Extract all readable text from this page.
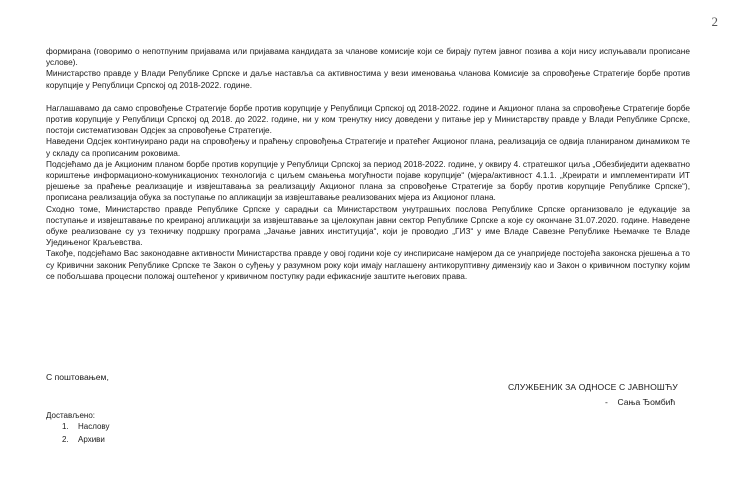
2

формирана (говоримо о непотпуним пријавама или пријавама кандидата за чланове комисије који се бирају путем јавног позива а који нису испуњавали прописане услове).

Министарство правде у Влади Републике Српске и даље наставља са активностима у вези именовања чланова Комисије за спровођење Стратегије борбе против корупције у Републици Српској од 2018-2022. године.

Наглашавамо да само спровођење Стратегије борбе против корупције у Републици Српској од 2018-2022. године и Акционог плана за спровођење Стратегије борбе против корупције у Републици Српској од 2018. до 2022. године, ни у ком тренутку нису доведени у питање јер у Министарству правде у Влади Републике Српске, постоји систематизован Одсјек за спровођење Стратегије.

Наведени Одсјек континуирано ради на спровођењу и праћењу спровођења Стратегије и пратећег Акционог плана, реализација се одвија планираном динамиком те у складу са прописаним роковима.

Подсјећамо да је Акционим планом борбе против корупције у Републици Српској за период 2018-2022. године, у оквиру 4. стратешког циља „Обезбиједити адекватно кориштење информационо-комуникационих технологија с циљем смањења могућности појаве корупције“ (мјера/активност 4.1.1. „Креирати и имплементирати ИТ рјешење за праћење реализације и извјештавања за реализацију Акционог плана за спровођење Стратегије за борбу против корупције Републике Српске“), прописана реализација обука за поступање по апликацији за извјештавање реализованих мјера из Акционог плана.

Сходно томе, Министарство правде Републике Српске у сарадњи са Министарством унутрашњих послова Републике Српске организовало је едукације за поступање и извјештавање по креираној апликацији за извјештавање за цјелокупан јавни сектор Републике Српске а које су окончане 31.07.2020. године. Наведене обуке реализоване су уз техничку подршку програма „Јачање јавних институција“, који је проводио „ГИЗ“ у име Владе Савезне Републике Њемачке те Владе Уједињеног Краљевства.

Такође, подсјећамо Вас законодавне активности Министарства правде у овој години које су инспирисане намјером да се унаприједе постојећа законска рјешења а то су Кривични законик Републике Српске те Закон о суђењу у разумном року који имају наглашену антикоруптивну димензију као и Закон о кривичном поступку којим се побољшава процесни положај оштећеног у кривичном поступку ради ефикасније заштите његових права.

С поштовањем,
СЛУЖБЕНИК ЗА ОДНОСЕ С ЈАВНОШЋУ
- Сања Ђомбић
Достављено:
1. Наслову
2. Архиви
